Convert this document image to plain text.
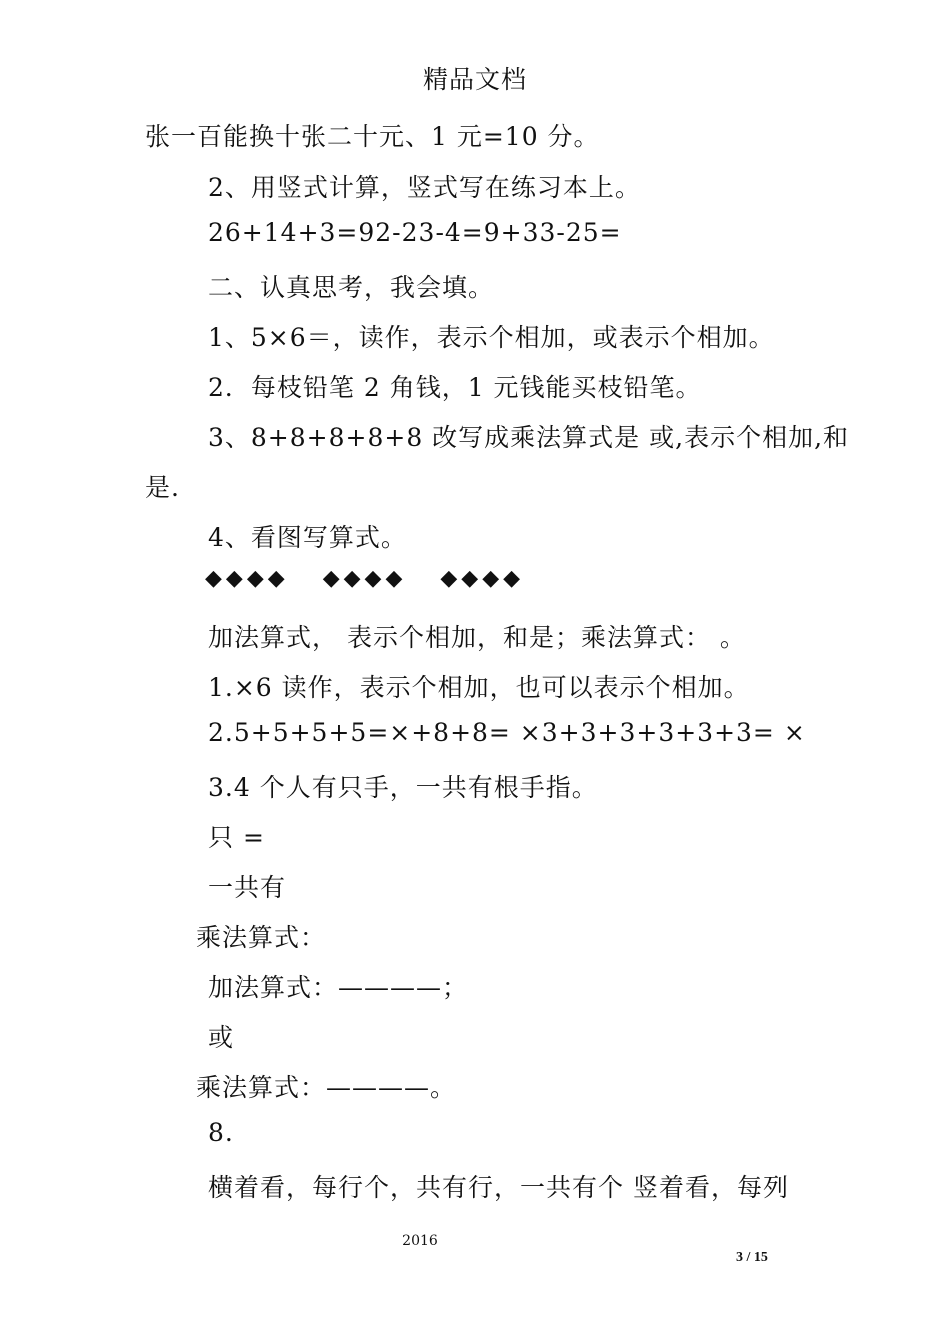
精品文档
张一百能换十张二十元、1 元=10 分。
2、用竖式计算，竖式写在练习本上。
26+14+3=92-23-4=9+33-25=
二、认真思考，我会填。
1、5×6＝，读作，表示个相加，或表示个相加。
2．每枝铅笔 2 角钱，1 元钱能买枝铅笔。
3、8+8+8+8+8 改写成乘法算式是 或,表示个相加,和
是.
4、看图写算式。
◆◆◆◆ ◆◆◆◆ ◆◆◆◆
加法算式， 表示个相加，和是；乘法算式： 。
1.×6 读作，表示个相加，也可以表示个相加。
2.5+5+5+5=×+8+8= ×3+3+3+3+3+3= ×
3.4 个人有只手，一共有根手指。
只 =
一共有
乘法算式：
加法算式：————；
或
乘法算式：————。
8.
横着看，每行个，共有行，一共有个 竖着看，每列
2016
3 / 15
